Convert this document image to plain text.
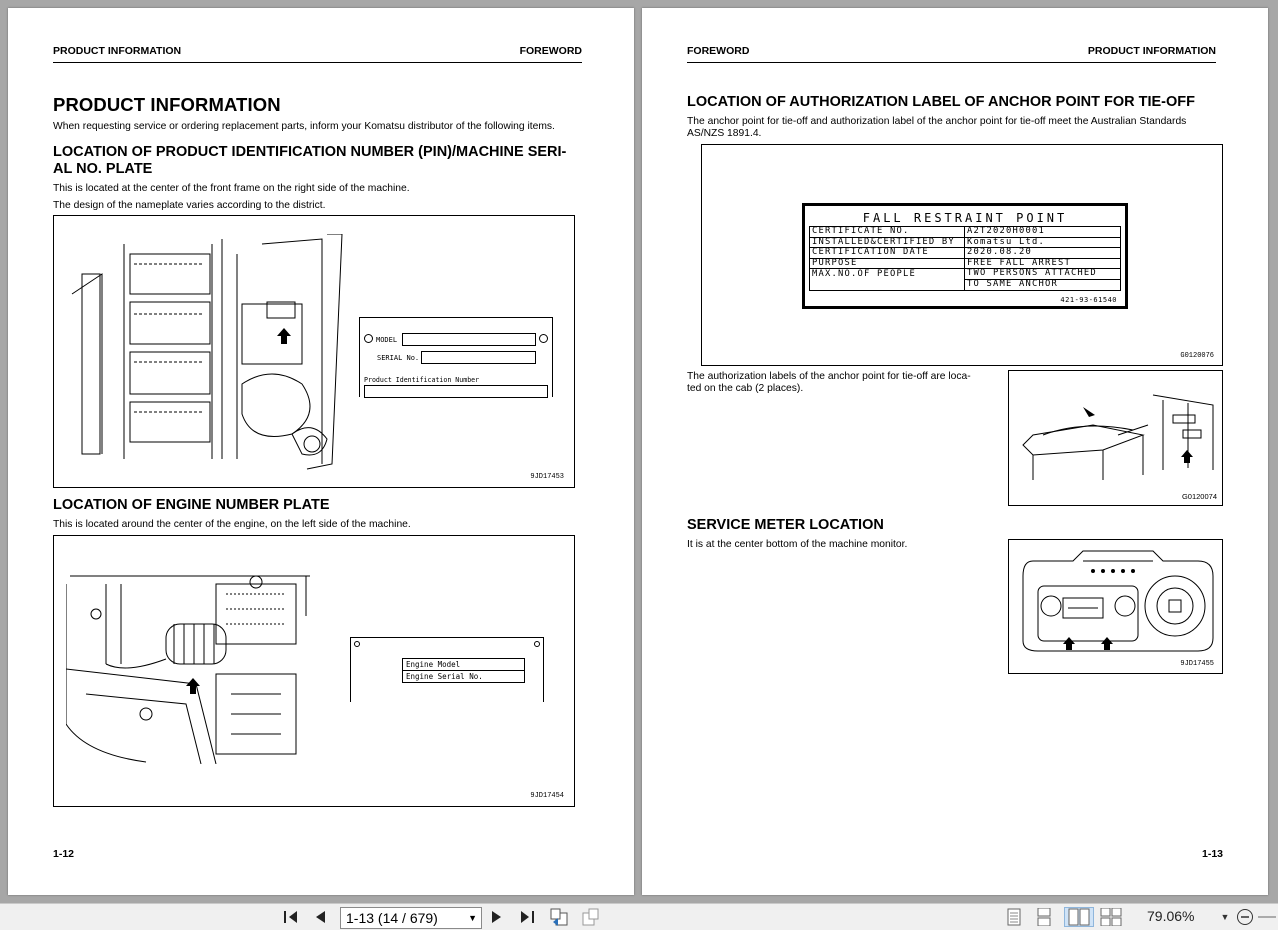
PRODUCT INFORMATION	FOREWORD
PRODUCT INFORMATION
When requesting service or ordering replacement parts, inform your Komatsu distributor of the following items.
LOCATION OF PRODUCT IDENTIFICATION NUMBER (PIN)/MACHINE SERI-
AL NO. PLATE
This is located at the center of the front frame on the right side of the machine.
The design of the nameplate varies according to the district.
MODEL
SERIAL No.
Product Identification Number
9JD17453
LOCATION OF ENGINE NUMBER PLATE
This is located around the center of the engine, on the left side of the machine.
Engine Model
Engine Serial No.
9JD17454
1-12
FOREWORD	PRODUCT INFORMATION
LOCATION OF AUTHORIZATION LABEL OF ANCHOR POINT FOR TIE-OFF
The anchor point for tie-off and authorization label of the anchor point for tie-off meet the Australian Standards
AS/NZS 1891.4.
FALL RESTRAINT POINT
CERTIFICATE NO.	A2T2020H0001
INSTALLED&CERTIFIED BY	Komatsu Ltd.
CERTIFICATION DATE	2020.08.20
PURPOSE	FREE FALL ARREST
MAX.NO.OF PEOPLE	TWO PERSONS ATTACHED
	TO SAME ANCHOR
421-93-61540
G0120076
The authorization labels of the anchor point for tie-off are loca-
ted on the cab (2 places).
G0120074
SERVICE METER LOCATION
It is at the center bottom of the machine monitor.
9JD17455
1-13
1-13 (14 / 679)	▼	79.06%	▼
